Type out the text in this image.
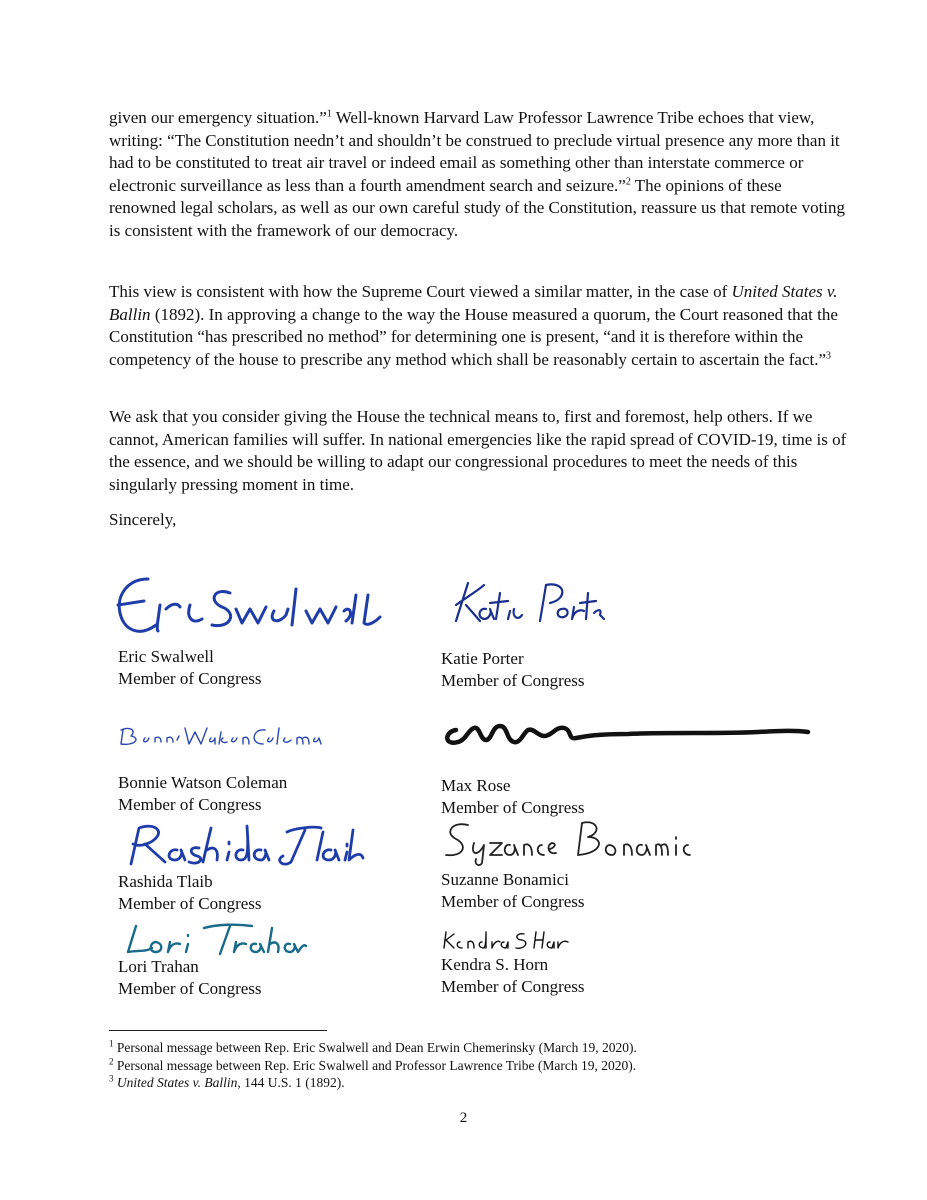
given our emergency situation.”$^1$ Well-known Harvard Law Professor Lawrence Tribe echoes that view, writing: “The Constitution needn’t and shouldn’t be construed to preclude virtual presence any more than it had to be constituted to treat air travel or indeed email as something other than interstate commerce or electronic surveillance as less than a fourth amendment search and seizure.”$^2$ The opinions of these renowned legal scholars, as well as our own careful study of the Constitution, reassure us that remote voting is consistent with the framework of our democracy.

This view is consistent with how the Supreme Court viewed a similar matter, in the case of United States v. Ballin (1892). In approving a change to the way the House measured a quorum, the Court reasoned that the Constitution “has prescribed no method” for determining one is present, “and it is therefore within the competency of the house to prescribe any method which shall be reasonably certain to ascertain the fact.”$^3$

We ask that you consider giving the House the technical means to, first and foremost, help others. If we cannot, American families will suffer. In national emergencies like the rapid spread of COVID-19, time is of the essence, and we should be willing to adapt our congressional procedures to meet the needs of this singularly pressing moment in time.

Sincerely,
Eric Swalwell
Member of Congress
Katie Porter
Member of Congress
Bonnie Watson Coleman
Member of Congress
Max Rose
Member of Congress
Rashida Tlaib
Member of Congress
Suzanne Bonamici
Member of Congress
Lori Trahan
Member of Congress
Kendra S. Horn
Member of Congress
$^1$ Personal message between Rep. Eric Swalwell and Dean Erwin Chemerinsky (March 19, 2020).
$^2$ Personal message between Rep. Eric Swalwell and Professor Lawrence Tribe (March 19, 2020).
$^3$ United States v. Ballin, 144 U.S. 1 (1892).
2
